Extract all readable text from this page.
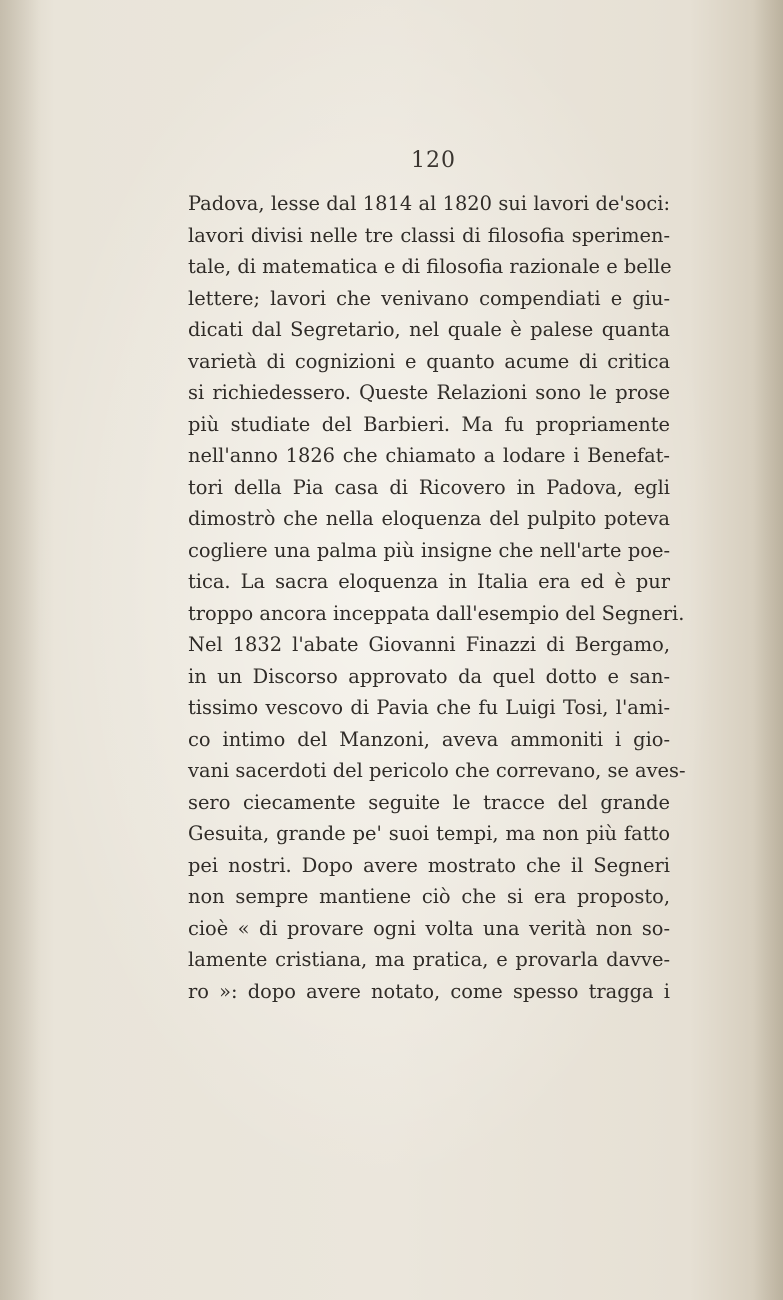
120
Padova, lesse dal 1814 al 1820 sui lavori de'soci:
lavori divisi nelle tre classi di filosofia sperimen-
tale, di matematica e di filosofia razionale e belle
lettere; lavori che venivano compendiati e giu-
dicati dal Segretario, nel quale è palese quanta
varietà di cognizioni e quanto acume di critica
si richiedessero. Queste Relazioni sono le prose
più studiate del Barbieri. Ma fu propriamente
nell'anno 1826 che chiamato a lodare i Benefat-
tori della Pia casa di Ricovero in Padova, egli
dimostrò che nella eloquenza del pulpito poteva
cogliere una palma più insigne che nell'arte poe-
tica. La sacra eloquenza in Italia era ed è pur
troppo ancora inceppata dall'esempio del Segneri.
Nel 1832 l'abate Giovanni Finazzi di Bergamo,
in un Discorso approvato da quel dotto e san-
tissimo vescovo di Pavia che fu Luigi Tosi, l'ami-
co intimo del Manzoni, aveva ammoniti i gio-
vani sacerdoti del pericolo che correvano, se aves-
sero ciecamente seguite le tracce del grande
Gesuita, grande pe' suoi tempi, ma non più fatto
pei nostri. Dopo avere mostrato che il Segneri
non sempre mantiene ciò che si era proposto,
cioè « di provare ogni volta una verità non so-
lamente cristiana, ma pratica, e provarla davve-
ro »: dopo avere notato, come spesso tragga i
